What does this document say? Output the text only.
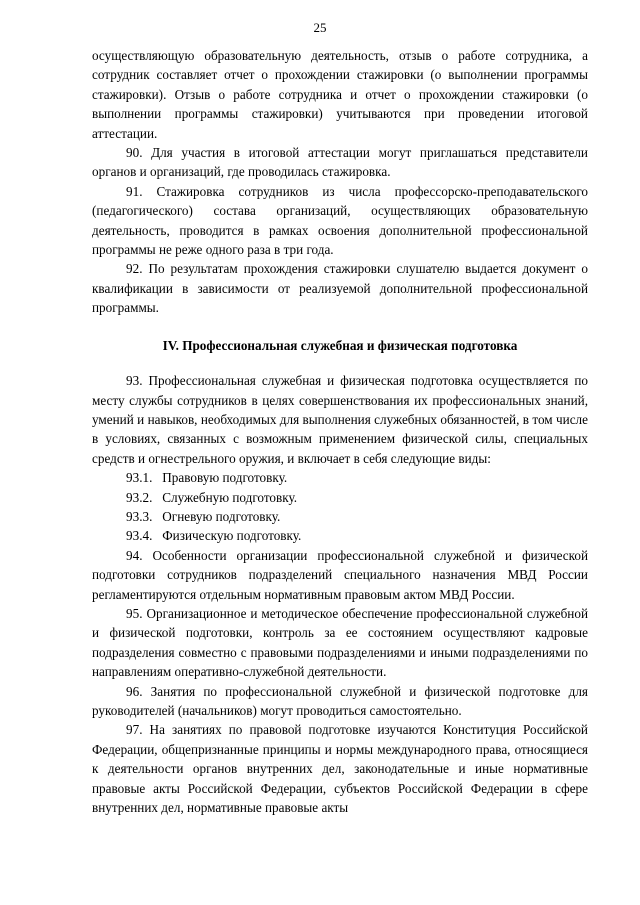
25

осуществляющую образовательную деятельность, отзыв о работе сотрудника, а сотрудник составляет отчет о прохождении стажировки (о выполнении программы стажировки). Отзыв о работе сотрудника и отчет о прохождении стажировки (о выполнении программы стажировки) учитываются при проведении итоговой аттестации.

90. Для участия в итоговой аттестации могут приглашаться представители органов и организаций, где проводилась стажировка.

91. Стажировка сотрудников из числа профессорско-преподавательского (педагогического) состава организаций, осуществляющих образовательную деятельность, проводится в рамках освоения дополнительной профессиональной программы не реже одного раза в три года.

92. По результатам прохождения стажировки слушателю выдается документ о квалификации в зависимости от реализуемой дополнительной профессиональной программы.

IV. Профессиональная служебная и физическая подготовка

93. Профессиональная служебная и физическая подготовка осуществляется по месту службы сотрудников в целях совершенствования их профессиональных знаний, умений и навыков, необходимых для выполнения служебных обязанностей, в том числе в условиях, связанных с возможным применением физической силы, специальных средств и огнестрельного оружия, и включает в себя следующие виды:

93.1.   Правовую подготовку.

93.2.   Служебную подготовку.

93.3.   Огневую подготовку.

93.4.   Физическую подготовку.

94. Особенности организации профессиональной служебной и физической подготовки сотрудников подразделений специального назначения МВД России регламентируются отдельным нормативным правовым актом МВД России.

95. Организационное и методическое обеспечение профессиональной служебной и физической подготовки, контроль за ее состоянием осуществляют кадровые подразделения совместно с правовыми подразделениями и иными подразделениями по направлениям оперативно-служебной деятельности.

96. Занятия по профессиональной служебной и физической подготовке для руководителей (начальников) могут проводиться самостоятельно.

97. На занятиях по правовой подготовке изучаются Конституция Российской Федерации, общепризнанные принципы и нормы международного права, относящиеся к деятельности органов внутренних дел, законодательные и иные нормативные правовые акты Российской Федерации, субъектов Российской Федерации в сфере внутренних дел, нормативные правовые акты
